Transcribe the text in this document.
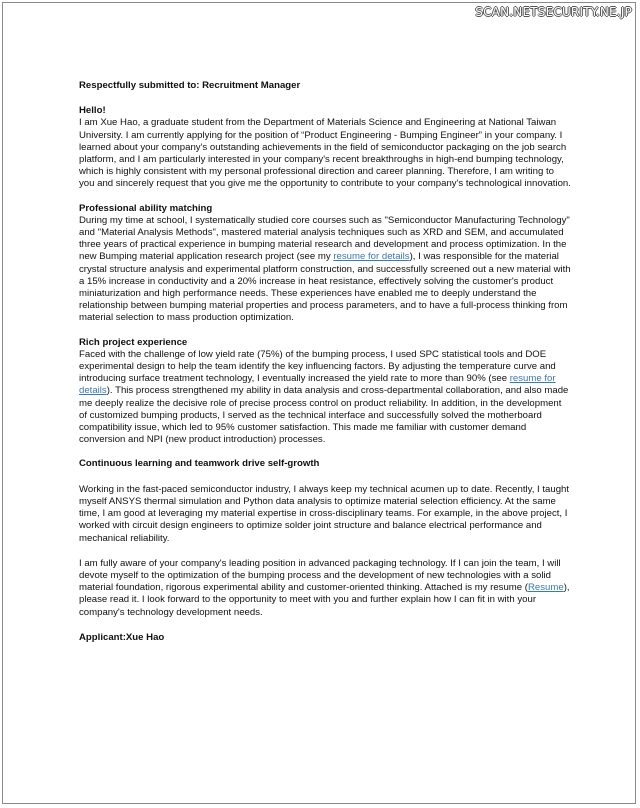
SCAN.NETSECURITY.NE.JP

Respectfully submitted to: Recruitment Manager

Hello!

I am Xue Hao, a graduate student from the Department of Materials Science and Engineering at National Taiwan University. I am currently applying for the position of “Product Engineering - Bumping Engineer” in your company. I learned about your company's outstanding achievements in the field of semiconductor packaging on the job search platform, and I am particularly interested in your company's recent breakthroughs in high-end bumping technology, which is highly consistent with my personal professional direction and career planning. Therefore, I am writing to you and sincerely request that you give me the opportunity to contribute to your company's technological innovation.

Professional ability matching

During my time at school, I systematically studied core courses such as "Semiconductor Manufacturing Technology" and "Material Analysis Methods", mastered material analysis techniques such as XRD and SEM, and accumulated three years of practical experience in bumping material research and development and process optimization. In the new Bumping material application research project (see my resume for details), I was responsible for the material crystal structure analysis and experimental platform construction, and successfully screened out a new material with a 15% increase in conductivity and a 20% increase in heat resistance, effectively solving the customer's product miniaturization and high performance needs. These experiences have enabled me to deeply understand the relationship between bumping material properties and process parameters, and to have a full-process thinking from material selection to mass production optimization.

Rich project experience

Faced with the challenge of low yield rate (75%) of the bumping process, I used SPC statistical tools and DOE experimental design to help the team identify the key influencing factors. By adjusting the temperature curve and introducing surface treatment technology, I eventually increased the yield rate to more than 90% (see resume for details). This process strengthened my ability in data analysis and cross-departmental collaboration, and also made me deeply realize the decisive role of precise process control on product reliability. In addition, in the development of customized bumping products, I served as the technical interface and successfully solved the motherboard compatibility issue, which led to 95% customer satisfaction. This made me familiar with customer demand conversion and NPI (new product introduction) processes.

Continuous learning and teamwork drive self-growth

Working in the fast-paced semiconductor industry, I always keep my technical acumen up to date. Recently, I taught myself ANSYS thermal simulation and Python data analysis to optimize material selection efficiency. At the same time, I am good at leveraging my material expertise in cross-disciplinary teams. For example, in the above project, I worked with circuit design engineers to optimize solder joint structure and balance electrical performance and mechanical reliability.

I am fully aware of your company's leading position in advanced packaging technology. If I can join the team, I will devote myself to the optimization of the bumping process and the development of new technologies with a solid material foundation, rigorous experimental ability and customer-oriented thinking. Attached is my resume (Resume), please read it. I look forward to the opportunity to meet with you and further explain how I can fit in with your company's technology development needs.

Applicant:Xue Hao
